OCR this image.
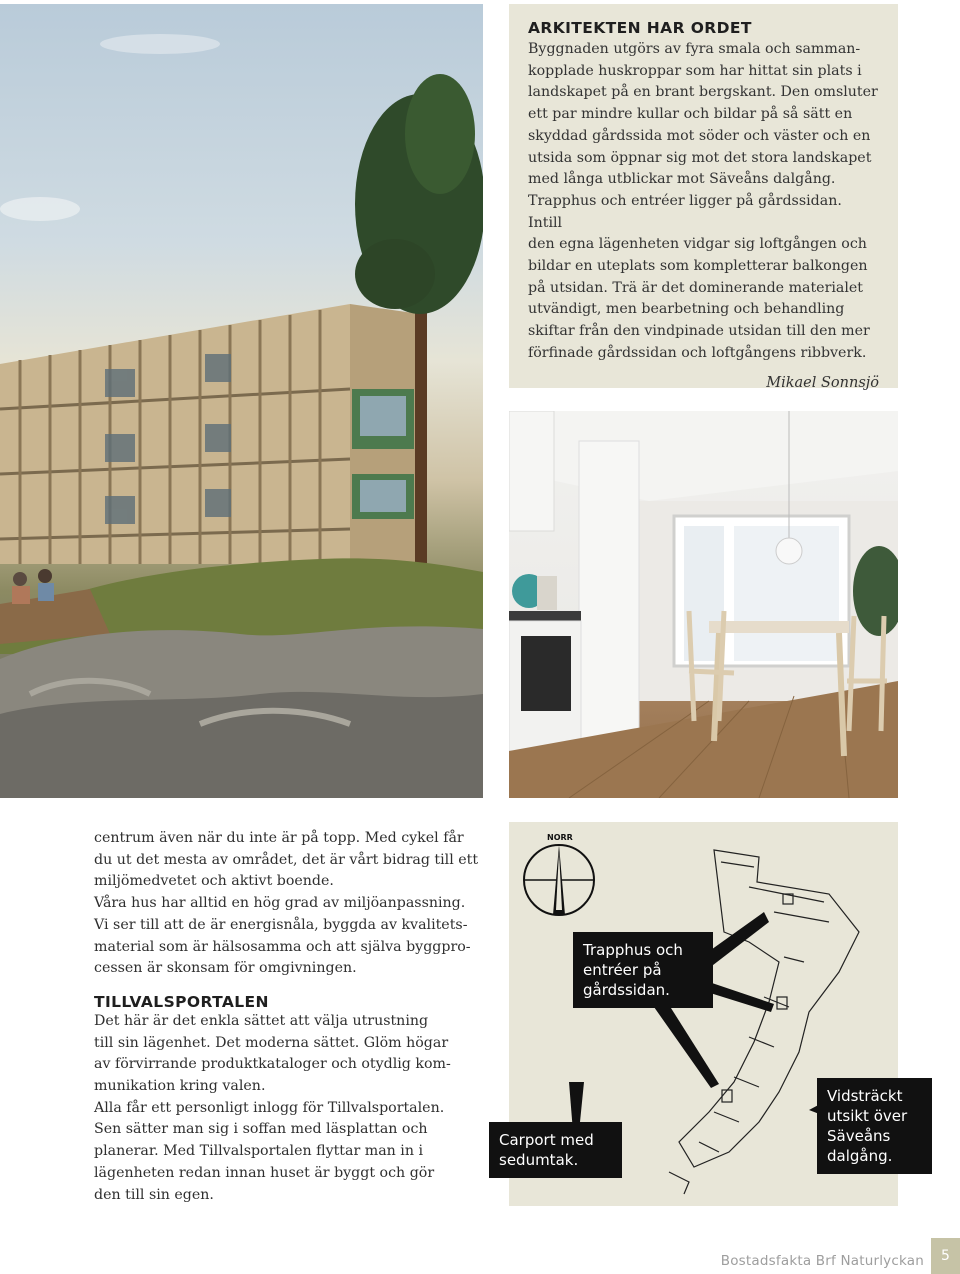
ARKITEKTEN HAR ORDET

Byggnaden utgörs av fyra smala och samman-

kopplade huskroppar som har hittat sin plats i

landskapet på en brant bergskant. Den omsluter

ett par mindre kullar och bildar på så sätt en

skyddad gårdssida mot söder och väster och en

utsida som öppnar sig mot det stora landskapet

med långa utblickar mot Säveåns dalgång.

Trapphus och entréer ligger på gårdssidan. Intill

den egna lägenheten vidgar sig loftgången och

bildar en uteplats som kompletterar balkongen

på utsidan. Trä är det dominerande materialet

utvändigt, men bearbetning och behandling

skiftar från den vindpinade utsidan till den mer

förfinade gårdssidan och loftgångens ribbverk.

Mikael Sonnsjö

centrum även när du inte är på topp. Med cykel får

du ut det mesta av området, det är vårt bidrag till ett

miljömedvetet och aktivt boende.

Våra hus har alltid en hög grad av miljöanpassning.

Vi ser till att de är energisnåla, byggda av kvalitets-

material som är hälsosamma och att själva byggpro-

cessen är skonsam för omgivningen.

TILLVALSPORTALEN

Det här är det enkla sättet att välja utrustning

till sin lägenhet. Det moderna sättet. Glöm högar

av förvirrande produktkataloger och otydlig kom-

munikation kring valen.

Alla får ett personligt inlogg för Tillvalsportalen.

Sen sätter man sig i soffan med läsplattan och

planerar. Med Tillvalsportalen flyttar man in i

lägenheten redan innan huset är byggt och gör

den till sin egen.

NORR

Trapphus och

entréer på

gårdssidan.

Carport med

sedumtak.

Vidsträckt

utsikt över

Säveåns

dalgång.

Bostadsfakta Brf Naturlyckan	5
